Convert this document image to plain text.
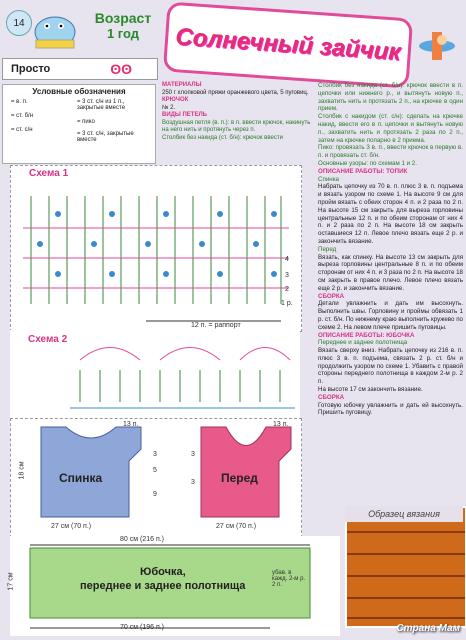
14	Возраст
1 год
Просто	ʘʘ
Солнечный зайчик
Условные обозначения
= в. п.
= ст. б/н
= ст. с/н
= 3 ст. с/н из 1 п., закрытые вместе
= пико
= 3 ст. с/н, закрытые вместе
МАТЕРИАЛЫ
250 г хлопковой пряжи оранжевого цвета, 5 пуговиц.
КРЮЧОК
№ 2.
ВИДЫ ПЕТЕЛЬ
Воздушная петля (в. п.): в п. ввести крючок, накинуть на него нить и протянуть через п.
Столбик без накида (ст. б/н): крючок ввести
Столбик без накида (ст. б/н): крючок ввести в п. цепочки или нижнего р., и вытянуть новую п., захватить нить и протязать 2 п., на крючке в один прием.
Столбик с накидом (ст. с/н): сделать на крючке накид, ввести его в п. цепочки и вытянуть новую п., захватить нить и протязать 2 раза по 2 п., затем на крючке попарно в 2 приема.
Пико: провязать 3 в. п., ввести крючок в первую в. п. и провязать ст. б/н.
Основные узоры: по схемам 1 и 2.
ОПИСАНИЕ РАБОТЫ: ТОПИК
Спинка
Набрать цепочку из 70 в. п. плюс 3 в. п. подъема и вязать узором по схеме 1. На высоте 9 см для пройм вязать с обеих сторон 4 п. и 2 раза по 2 п. На высоте 15 см закрыть для выреза горловины центральные 12 п. и по обеим сторонам от них 4 п. и 2 раза по 2 п. На высоте 18 см закрыть оставшиеся 12 п. Левое плечо вязать еще 2 р. и закончить вязание.
Перед
Вязать, как спинку. На высоте 13 см закрыть для выреза горловины центральные 8 п. и по обеим сторонам от них 4 п. и 3 раза по 2 п. На высоте 18 см закрыть в правое плечо. Левое плечо вязать еще 2 р. и закончить вязание.
СБОРКА
Детали увлажнить и дать им высохнуть. Выполнить швы. Горловину и проймы обвязать 1 р. ст. б/н. По нижнему краю выполнить кружево по схеме 2. На левом плече пришить пуговицы.
ОПИСАНИЕ РАБОТЫ: ЮБОЧКА
Переднее и заднее полотнища
Вязать сверху вниз. Набрать цепочку из 216 в. п. плюс 3 в. п. подъема, связать 2 р. ст. б/н и продолжить узором по схеме 1. Убавить с правой стороны переднего полотнища в каждом 2-м р. 2 п.
На высоте 17 см закончить вязание.
СБОРКА
Готовую юбочку увлажнить и дать ей высохнуть. Пришить пуговицу.
Схема 1
4
3
2
1 р.
12 п. = раппорт
Схема 2
Спинка	Перед
13 п.	13 п.
27 см (70 п.)	27 см (70 п.)
18 см
3
5
9
3
3
80 см (216 п.)
Юбочка,
переднее и заднее полотнища
17 см
70 см (196 п.)
убав. в кажд. 2-м р. 2 п.
Образец вязания
Страна Мам
